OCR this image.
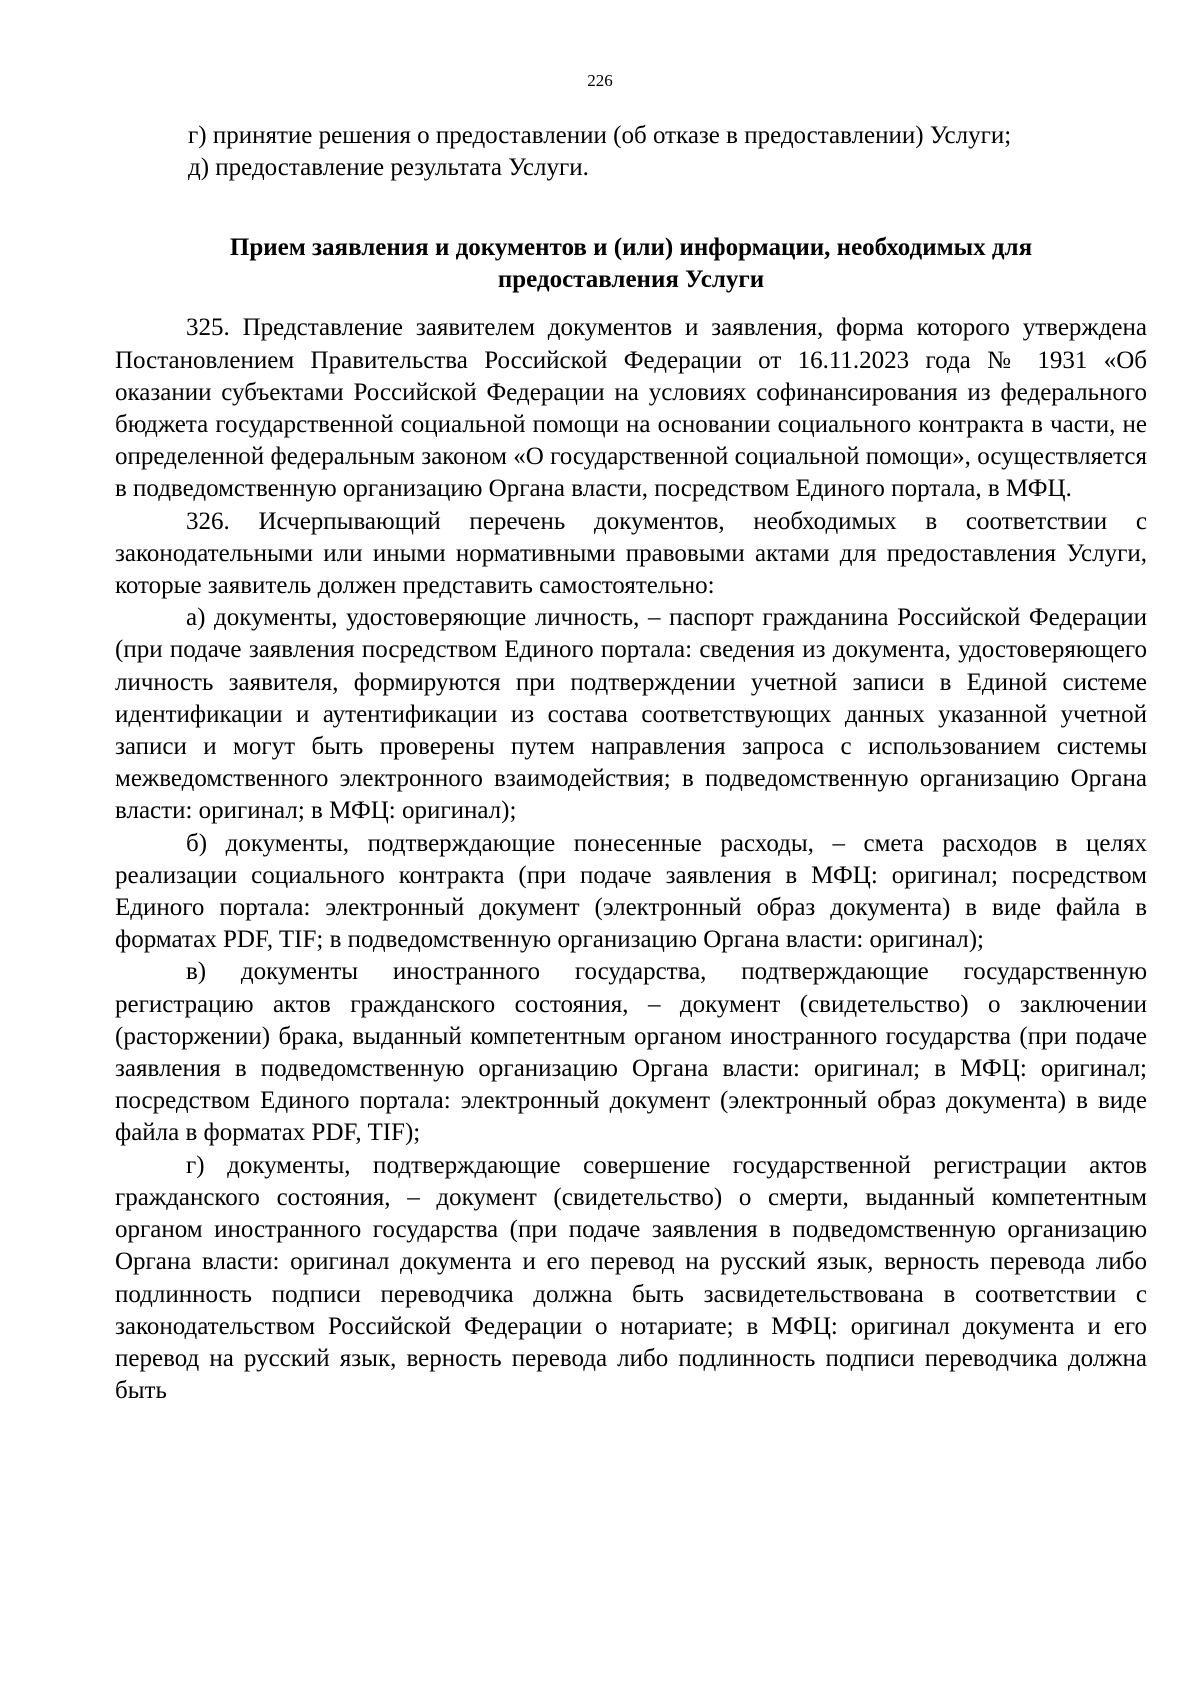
226

г) принятие решения о предоставлении (об отказе в предоставлении) Услуги;

д) предоставление результата Услуги.

Прием заявления и документов и (или) информации, необходимых для
предоставления Услуги

325. Представление заявителем документов и заявления, форма которого утверждена Постановлением Правительства Российской Федерации от 16.11.2023 года № 1931 «Об оказании субъектами Российской Федерации на условиях софинансирования из федерального бюджета государственной социальной помощи на основании социального контракта в части, не определенной федеральным законом «О государственной социальной помощи», осуществляется в подведомственную организацию Органа власти, посредством Единого портала, в МФЦ.

326. Исчерпывающий перечень документов, необходимых в соответствии с законодательными или иными нормативными правовыми актами для предоставления Услуги, которые заявитель должен представить самостоятельно:

а) документы, удостоверяющие личность, – паспорт гражданина Российской Федерации (при подаче заявления посредством Единого портала: сведения из документа, удостоверяющего личность заявителя, формируются при подтверждении учетной записи в Единой системе идентификации и аутентификации из состава соответствующих данных указанной учетной записи и могут быть проверены путем направления запроса с использованием системы межведомственного электронного взаимодействия; в подведомственную организацию Органа власти: оригинал; в МФЦ: оригинал);

б) документы, подтверждающие понесенные расходы, – смета расходов в целях реализации социального контракта (при подаче заявления в МФЦ: оригинал; посредством Единого портала: электронный документ (электронный образ документа) в виде файла в форматах PDF, TIF; в подведомственную организацию Органа власти: оригинал);

в) документы иностранного государства, подтверждающие государственную регистрацию актов гражданского состояния, – документ (свидетельство) о заключении (расторжении) брака, выданный компетентным органом иностранного государства (при подаче заявления в подведомственную организацию Органа власти: оригинал; в МФЦ: оригинал; посредством Единого портала: электронный документ (электронный образ документа) в виде файла в форматах PDF, TIF);

г) документы, подтверждающие совершение государственной регистрации актов гражданского состояния, – документ (свидетельство) о смерти, выданный компетентным органом иностранного государства (при подаче заявления в подведомственную организацию Органа власти: оригинал документа и его перевод на русский язык, верность перевода либо подлинность подписи переводчика должна быть засвидетельствована в соответствии с законодательством Российской Федерации о нотариате; в МФЦ: оригинал документа и его перевод на русский язык, верность перевода либо подлинность подписи переводчика должна быть
